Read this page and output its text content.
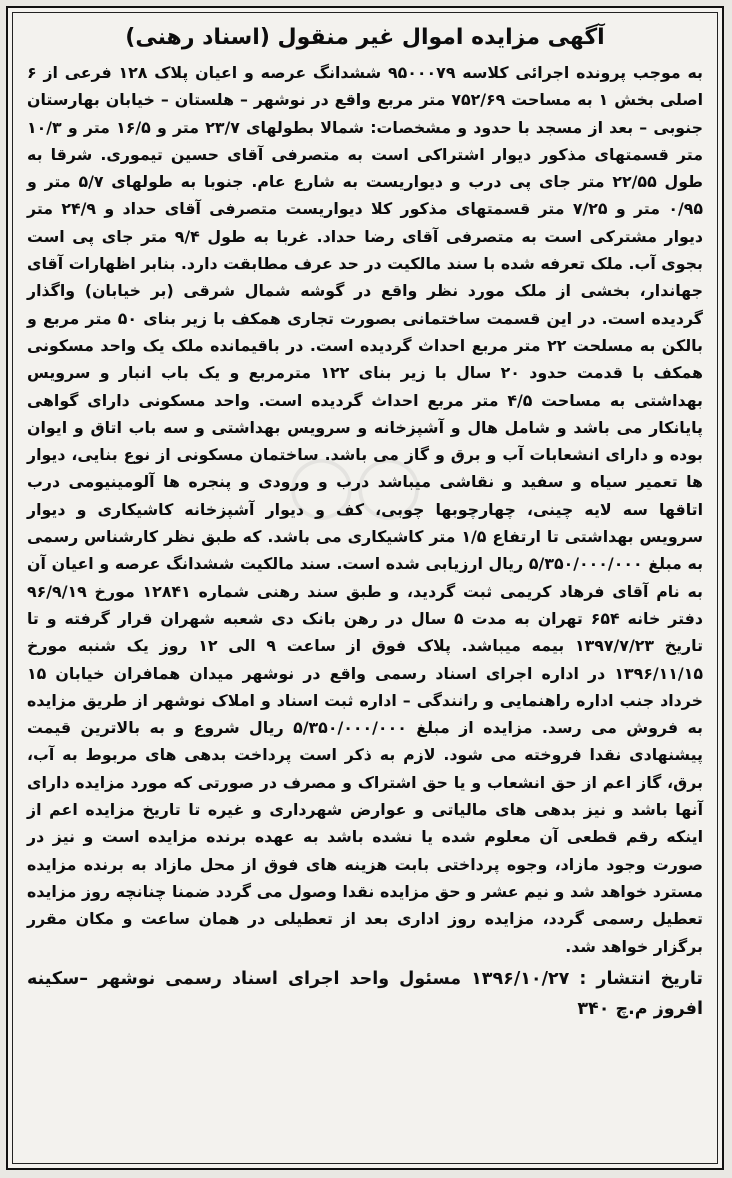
آگهی مزایده اموال غیر منقول (اسناد رهنی)

به موجب پرونده اجرائی کلاسه ۹۵۰۰۰۷۹ ششدانگ عرصه و اعیان پلاک ۱۲۸ فرعی از ۶ اصلی بخش ۱ به مساحت ۷۵۲/۶۹ متر مربع واقع در نوشهر – هلستان – خیابان بهارستان جنوبی – بعد از مسجد با حدود و مشخصات: شمالا بطولهای ۲۳/۷ متر و ۱۶/۵ متر و ۱۰/۳ متر قسمتهای مذکور دیوار اشتراکی است به متصرفی آقای حسین تیموری. شرقا به طول ۲۲/۵۵ متر جای پی درب و دیواریست به شارع عام. جنوبا به طولهای ۵/۷ متر و ۰/۹۵ متر و ۷/۲۵ متر قسمتهای مذکور کلا دیواریست متصرفی آقای حداد و ۲۴/۹ متر دیوار مشترکی است به متصرفی آقای رضا حداد. غربا به طول ۹/۴ متر جای پی است بجوی آب. ملک تعرفه شده با سند مالکیت در حد عرف مطابقت دارد. بنابر اظهارات آقای جهاندار، بخشی از ملک مورد نظر واقع در گوشه شمال شرقی (بر خیابان) واگذار گردیده است. در این قسمت ساختمانی بصورت تجاری همکف با زیر بنای ۵۰ متر مربع و بالکن به مسلحت ۲۲ متر مربع احداث گردیده است. در باقیمانده ملک یک واحد مسکونی همکف با قدمت حدود ۲۰ سال با زیر بنای ۱۲۲ مترمربع و یک باب انبار و سرویس بهداشتی به مساحت ۴/۵ متر مربع احداث گردیده است. واحد مسکونی دارای گواهی پایانکار می باشد و شامل هال و آشپزخانه و سرویس بهداشتی و سه باب اتاق و ایوان بوده و دارای انشعابات آب و برق و گاز می باشد. ساختمان مسکونی از نوع بنایی، دیوار ها تعمیر سیاه و سفید و نقاشی میباشد درب و ورودی و پنجره ها آلومینیومی درب اتاقها سه لایه چینی، چهارچوبها چوبی، کف و دیوار آشپزخانه کاشیکاری و دیوار سرویس بهداشتی تا ارتفاع ۱/۵ متر کاشیکاری می باشد. که طبق نظر کارشناس رسمی به مبلغ ۵/۳۵۰/۰۰۰/۰۰۰ ریال ارزیابی شده است. سند مالکیت ششدانگ عرصه و اعیان آن به نام آقای فرهاد کریمی ثبت گردید، و طبق سند رهنی شماره ۱۲۸۴۱ مورخ ۹۶/۹/۱۹ دفتر خانه ۶۵۴ تهران به مدت ۵ سال در رهن بانک دی شعبه شهران قرار گرفته و تا تاریخ ۱۳۹۷/۷/۲۳ بیمه میباشد. پلاک فوق از ساعت ۹ الی ۱۲ روز یک شنبه مورخ ۱۳۹۶/۱۱/۱۵ در اداره اجرای اسناد رسمی واقع در نوشهر میدان همافران خیابان ۱۵ خرداد جنب اداره راهنمایی و رانندگی – اداره ثبت اسناد و املاک نوشهر از طریق مزایده به فروش می رسد. مزایده از مبلغ ۵/۳۵۰/۰۰۰/۰۰۰ ریال شروع و به بالاترین قیمت پیشنهادی نقدا فروخته می شود. لازم به ذکر است پرداخت بدهی های مربوط به آب، برق، گاز اعم از حق انشعاب و یا حق اشتراک و مصرف در صورتی که مورد مزایده دارای آنها باشد و نیز بدهی های مالیاتی و عوارض شهرداری و غیره تا تاریخ مزایده اعم از اینکه رقم قطعی آن معلوم شده یا نشده باشد به عهده برنده مزایده است و نیز در صورت وجود مازاد، وجوه پرداختی بابت هزینه های فوق از محل مازاد به برنده مزایده مسترد خواهد شد و نیم عشر و حق مزایده نقدا وصول می گردد ضمنا چنانچه روز مزایده تعطیل رسمی گردد، مزایده روز اداری بعد از تعطیلی در همان ساعت و مکان مقرر برگزار خواهد شد.

تاریخ انتشار : ۱۳۹۶/۱۰/۲۷ مسئول واحد اجرای اسناد رسمی نوشهر –سکینه افروز م.چ ۳۴۰
